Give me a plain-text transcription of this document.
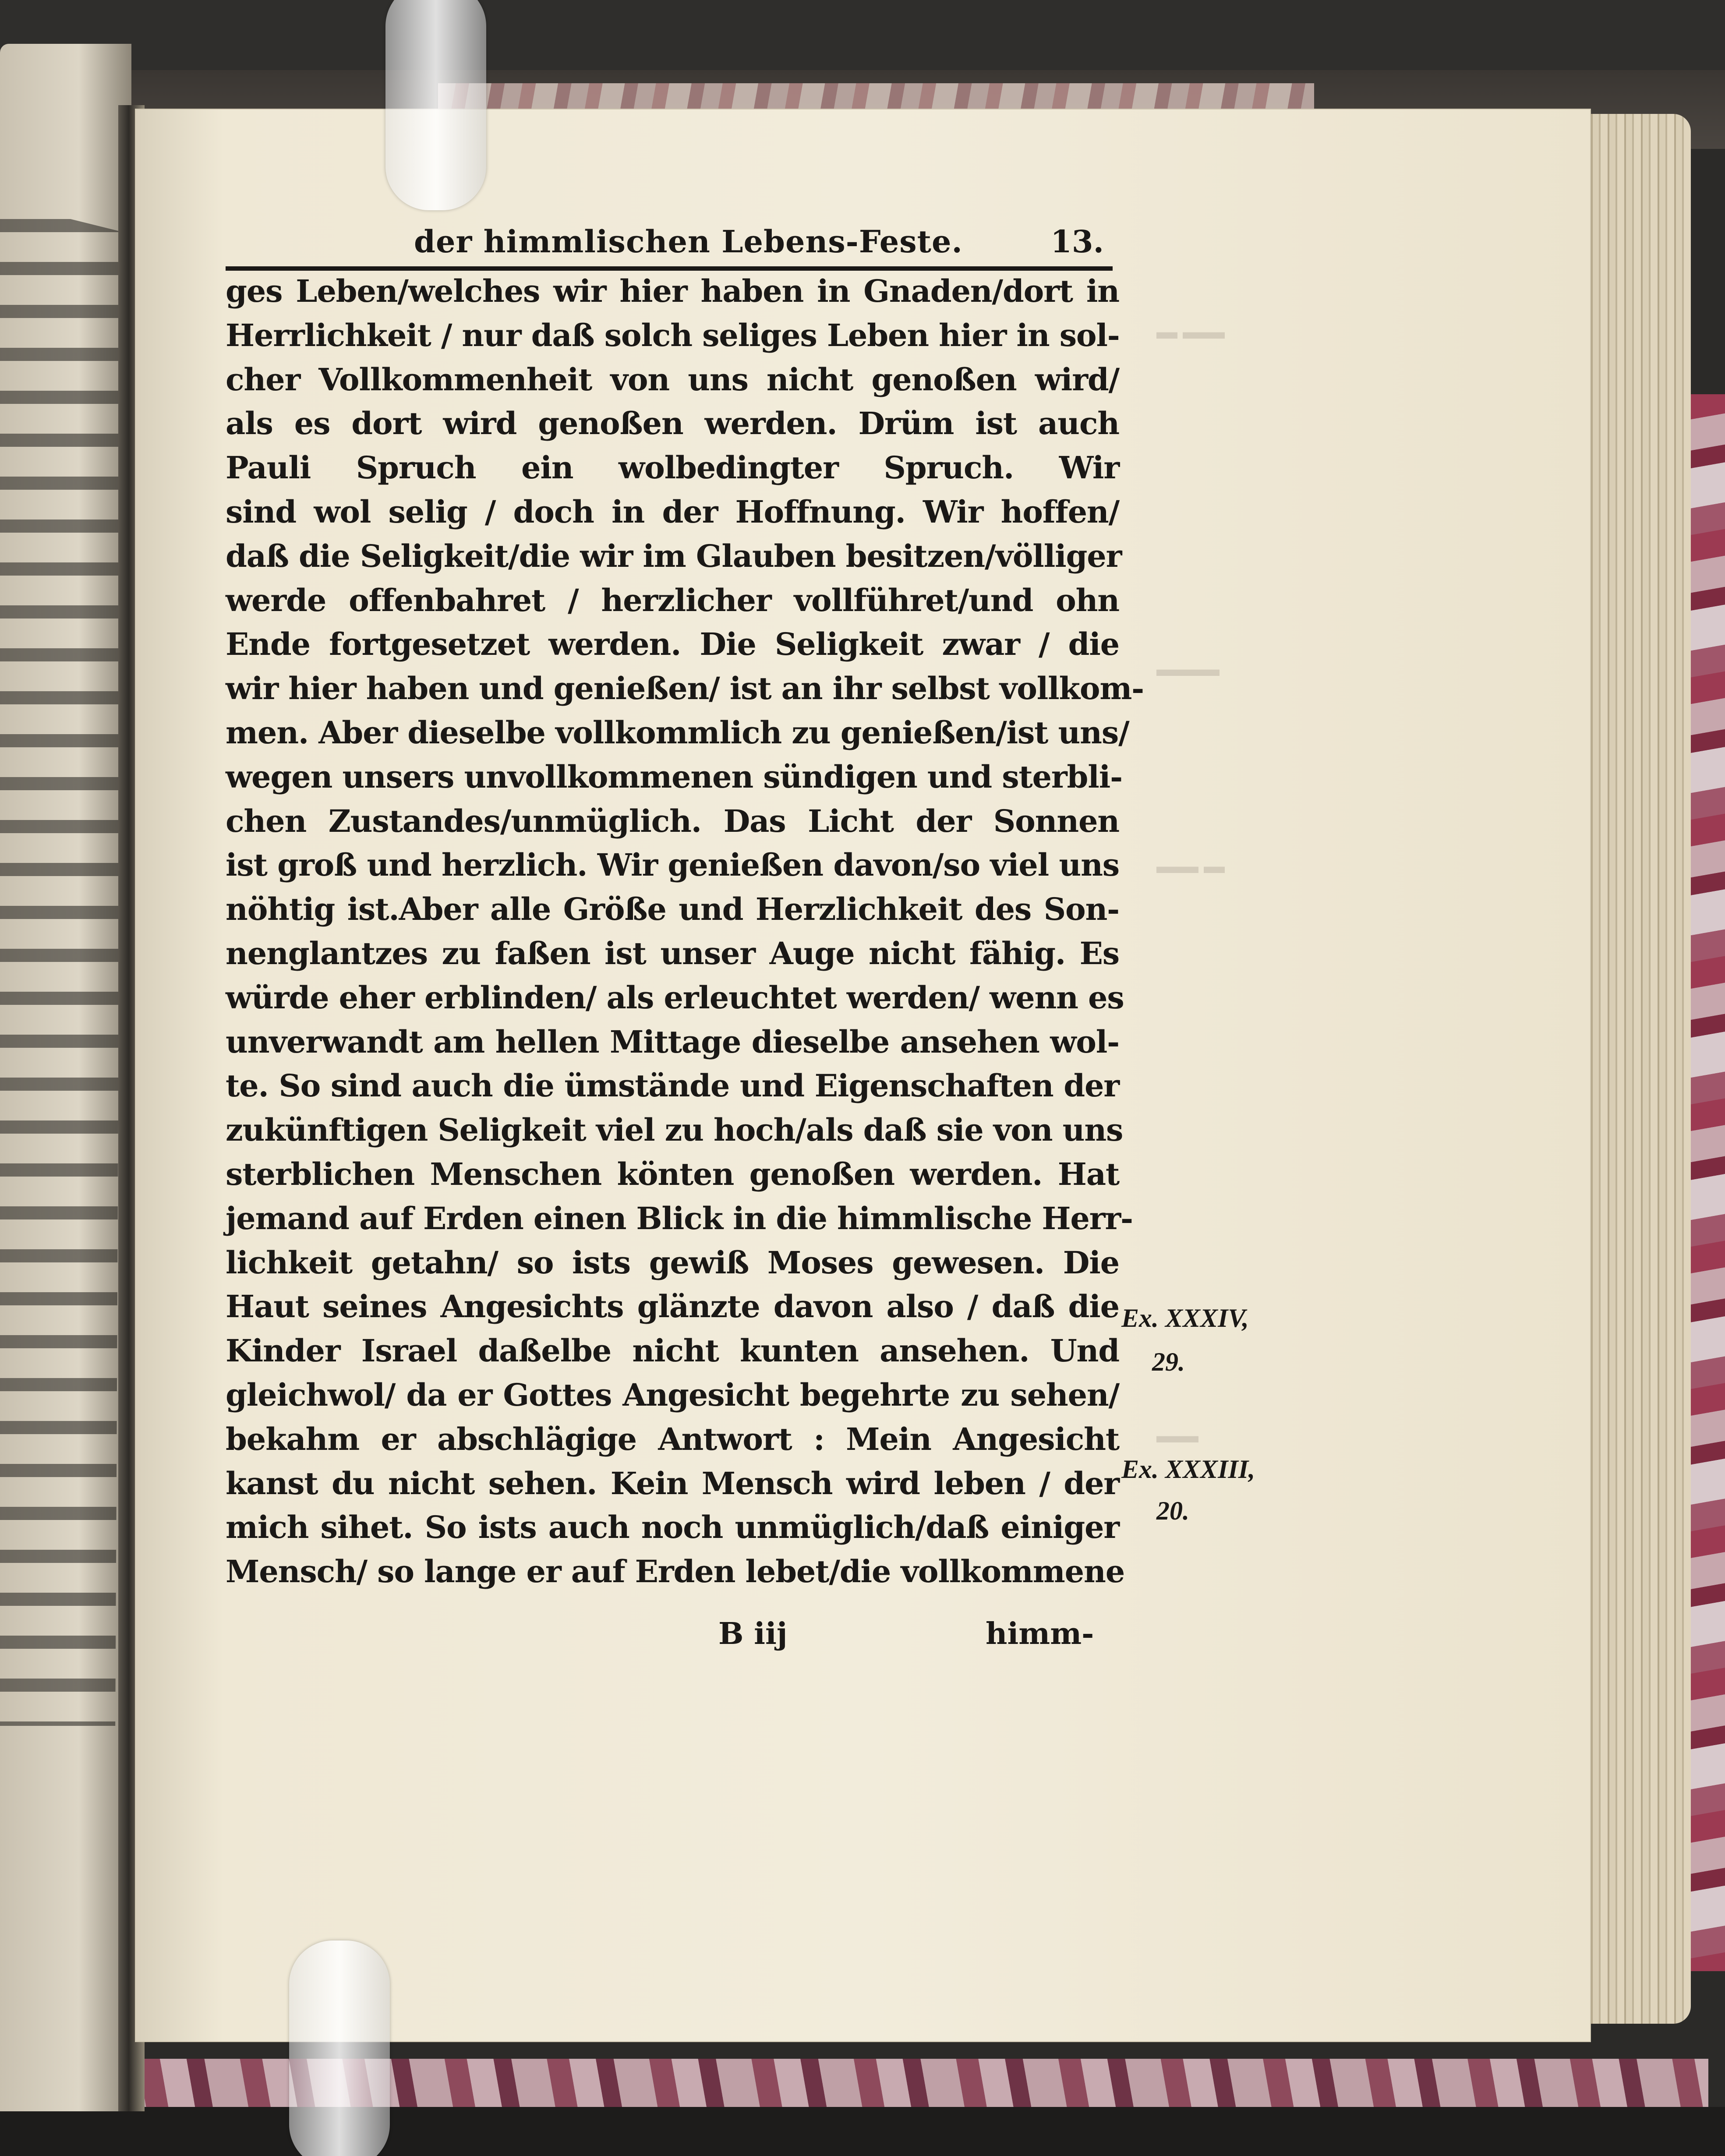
▬ ▬▬
▬▬▬
▬▬ ▬
▬▬
der himmlischen Lebens-Feste.	13.
ges Leben/welches wir hier haben in Gnaden/dort in
Herrlichkeit / nur daß solch seliges Leben hier in sol-
cher Vollkommenheit von uns nicht genoßen wird/
als es dort wird genoßen werden. Drüm ist auch
Pauli Spruch ein wolbedingter Spruch. Wir
sind wol selig / doch in der Hoffnung. Wir hoffen/
daß die Seligkeit/die wir im Glauben besitzen/völliger
werde offenbahret / herzlicher vollführet/und ohn
Ende fortgesetzet werden. Die Seligkeit zwar / die
wir hier haben und genießen/ ist an ihr selbst vollkom-
men. Aber dieselbe vollkommlich zu genießen/ist uns/
wegen unsers unvollkommenen sündigen und sterbli-
chen Zustandes/unmüglich. Das Licht der Sonnen
ist groß und herzlich. Wir genießen davon/so viel uns
nöhtig ist.Aber alle Größe und Herzlichkeit des Son-
nenglantzes zu faßen ist unser Auge nicht fähig. Es
würde eher erblinden/ als erleuchtet werden/ wenn es
unverwandt am hellen Mittage dieselbe ansehen wol-
te. So sind auch die ümstände und Eigenschaften der
zukünftigen Seligkeit viel zu hoch/als daß sie von uns
sterblichen Menschen könten genoßen werden. Hat
jemand auf Erden einen Blick in die himmlische Herr-
lichkeit getahn/ so ists gewiß Moses gewesen. Die
Haut seines Angesichts glänzte davon also / daß die
Kinder Israel daßelbe nicht kunten ansehen. Und
gleichwol/ da er Gottes Angesicht begehrte zu sehen/
bekahm er abschlägige Antwort : Mein Angesicht
kanst du nicht sehen. Kein Mensch wird leben / der
mich sihet. So ists auch noch unmüglich/daß einiger
Mensch/ so lange er auf Erden lebet/die vollkommene
B iij	himm-
Ex. XXXIV,
29.
Ex. XXXIII,
20.
